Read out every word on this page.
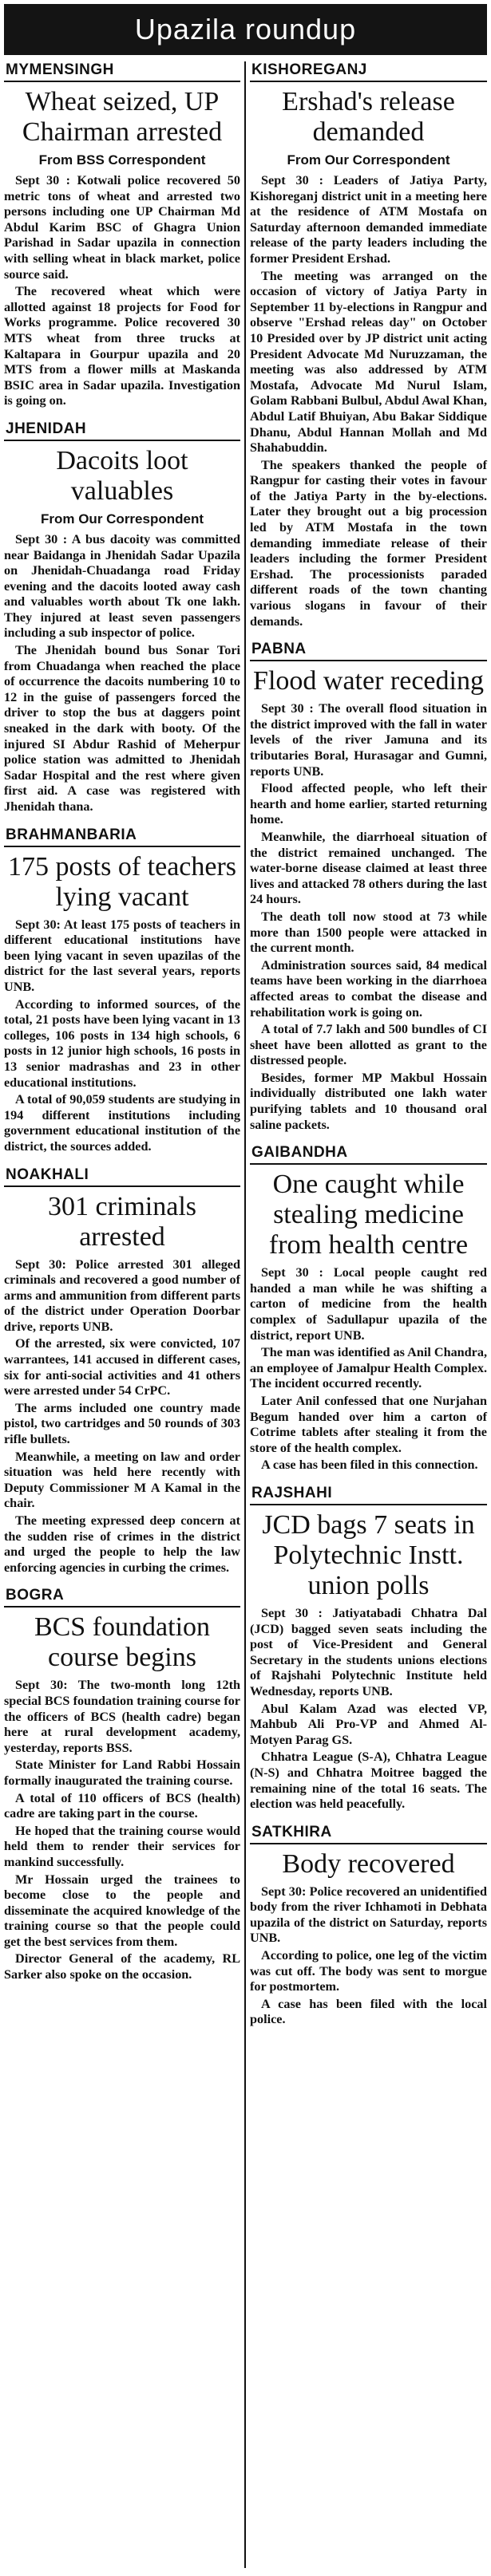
Upazila roundup
MYMENSINGH
Wheat seized, UP Chairman arrested
From BSS Correspondent

Sept 30 : Kotwali police recovered 50 metric tons of wheat and arrested two persons including one UP Chairman Md Abdul Karim BSC of Ghagra Union Parishad in Sadar upazila in connection with selling wheat in black market, police source said.

The recovered wheat which were allotted against 18 projects for Food for Works programme. Police recovered 30 MTS wheat from three trucks at Kaltapara in Gourpur upazila and 20 MTS from a flower mills at Maskanda BSIC area in Sadar upazila. Investigation is going on.

JHENIDAH
Dacoits loot valuables
From Our Correspondent

Sept 30 : A bus dacoity was committed near Baidanga in Jhenidah Sadar Upazila on Jhenidah-Chuadanga road Friday evening and the dacoits looted away cash and valuables worth about Tk one lakh. They injured at least seven passengers including a sub inspector of police.

The Jhenidah bound bus Sonar Tori from Chuadanga when reached the place of occurrence the dacoits numbering 10 to 12 in the guise of passengers forced the driver to stop the bus at daggers point sneaked in the dark with booty. Of the injured SI Abdur Rashid of Meherpur police station was admitted to Jhenidah Sadar Hospital and the rest where given first aid. A case was registered with Jhenidah thana.

BRAHMANBARIA
175 posts of teachers lying vacant

Sept 30: At least 175 posts of teachers in different educational institutions have been lying vacant in seven upazilas of the district for the last several years, reports UNB.

According to informed sources, of the total, 21 posts have been lying vacant in 13 colleges, 106 posts in 134 high schools, 6 posts in 12 junior high schools, 16 posts in 13 senior madrashas and 23 in other educational institutions.

A total of 90,059 students are studying in 194 different institutions including government educational institution of the district, the sources added.

NOAKHALI
301 criminals arrested

Sept 30: Police arrested 301 alleged criminals and recovered a good number of arms and ammunition from different parts of the district under Operation Doorbar drive, reports UNB.

Of the arrested, six were convicted, 107 warrantees, 141 accused in different cases, six for anti-social activities and 41 others were arrested under 54 CrPC.

The arms included one country made pistol, two cartridges and 50 rounds of 303 rifle bullets.

Meanwhile, a meeting on law and order situation was held here recently with Deputy Commissioner M A Kamal in the chair.

The meeting expressed deep concern at the sudden rise of crimes in the district and urged the people to help the law enforcing agencies in curbing the crimes.

BOGRA
BCS foundation course begins

Sept 30: The two-month long 12th special BCS foundation training course for the officers of BCS (health cadre) began here at rural development academy, yesterday, reports BSS.

State Minister for Land Rabbi Hossain formally inaugurated the training course.

A total of 110 officers of BCS (health) cadre are taking part in the course.

He hoped that the training course would held them to render their services for mankind successfully.

Mr Hossain urged the trainees to become close to the people and disseminate the acquired knowledge of the training course so that the people could get the best services from them.

Director General of the academy, RL Sarker also spoke on the occasion.

KISHOREGANJ
Ershad's release demanded
From Our Correspondent

Sept 30 : Leaders of Jatiya Party, Kishoreganj district unit in a meeting here at the residence of ATM Mostafa on Saturday afternoon demanded immediate release of the party leaders including the former President Ershad.

The meeting was arranged on the occasion of victory of Jatiya Party in September 11 by-elections in Rangpur and observe "Ershad releas day" on October 10 Presided over by JP district unit acting President Advocate Md Nuruzzaman, the meeting was also addressed by ATM Mostafa, Advocate Md Nurul Islam, Golam Rabbani Bulbul, Abdul Awal Khan, Abdul Latif Bhuiyan, Abu Bakar Siddique Dhanu, Abdul Hannan Mollah and Md Shahabuddin.

The speakers thanked the people of Rangpur for casting their votes in favour of the Jatiya Party in the by-elections. Later they brought out a big procession led by ATM Mostafa in the town demanding immediate release of their leaders including the former President Ershad. The processionists paraded different roads of the town chanting various slogans in favour of their demands.

PABNA
Flood water receding

Sept 30 : The overall flood situation in the district improved with the fall in water levels of the river Jamuna and its tributaries Boral, Hurasagar and Gumni, reports UNB.

Flood affected people, who left their hearth and home earlier, started returning home.

Meanwhile, the diarrhoeal situation of the district remained unchanged. The water-borne disease claimed at least three lives and attacked 78 others during the last 24 hours.

The death toll now stood at 73 while more than 1500 people were attacked in the current month.

Administration sources said, 84 medical teams have been working in the diarrhoea affected areas to combat the disease and rehabilitation work is going on.

A total of 7.7 lakh and 500 bundles of CI sheet have been allotted as grant to the distressed people.

Besides, former MP Makbul Hossain individually distributed one lakh water purifying tablets and 10 thousand oral saline packets.

GAIBANDHA
One caught while stealing medicine from health centre

Sept 30 : Local people caught red handed a man while he was shifting a carton of medicine from the health complex of Sadullapur upazila of the district, report UNB.

The man was identified as Anil Chandra, an employee of Jamalpur Health Complex. The incident occurred recently.

Later Anil confessed that one Nurjahan Begum handed over him a carton of Cotrime tablets after stealing it from the store of the health complex.

A case has been filed in this connection.

RAJSHAHI
JCD bags 7 seats in Polytechnic Instt. union polls

Sept 30 : Jatiyatabadi Chhatra Dal (JCD) bagged seven seats including the post of Vice-President and General Secretary in the students unions elections of Rajshahi Polytechnic Institute held Wednesday, reports UNB.

Abul Kalam Azad was elected VP, Mahbub Ali Pro-VP and Ahmed Al-Motyen Parag GS.

Chhatra League (S-A), Chhatra League (N-S) and Chhatra Moitree bagged the remaining nine of the total 16 seats. The election was held peacefully.

SATKHIRA
Body recovered

Sept 30: Police recovered an unidentified body from the river Ichhamoti in Debhata upazila of the district on Saturday, reports UNB.

According to police, one leg of the victim was cut off. The body was sent to morgue for postmortem.

A case has been filed with the local police.
